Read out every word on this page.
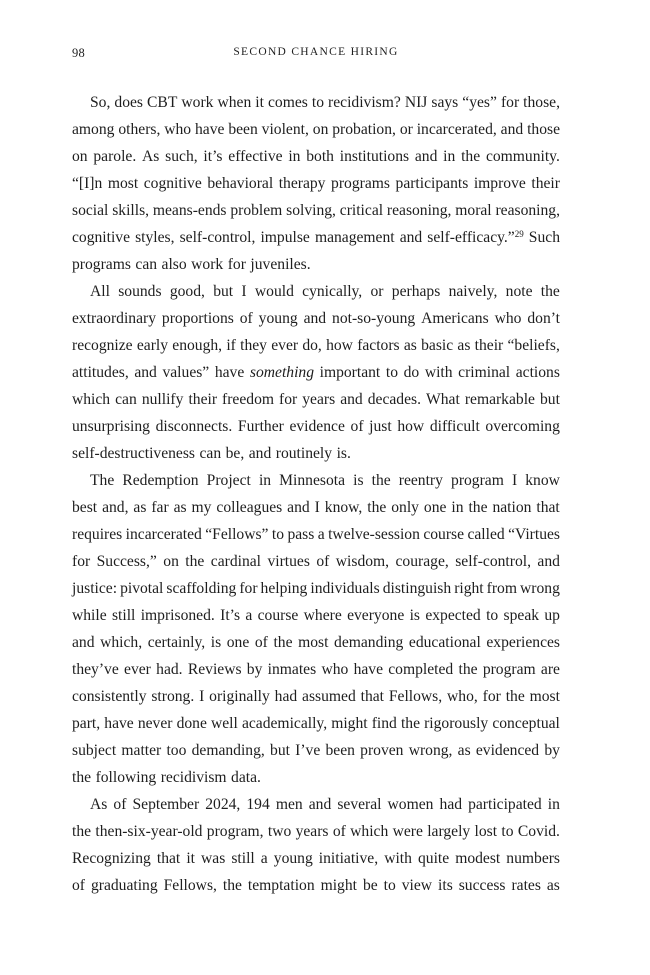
98	SECOND CHANCE HIRING
So, does CBT work when it comes to recidivism? NIJ says “yes” for those,
among others, who have been violent, on probation, or incarcerated, and those
on parole. As such, it’s effective in both institutions and in the community.
“[I]n most cognitive behavioral therapy programs participants improve their
social skills, means-ends problem solving, critical reasoning, moral reasoning,
cognitive styles, self-control, impulse management and self-efficacy.”$^{29}$ Such
programs can also work for juveniles.
All sounds good, but I would cynically, or perhaps naively, note the
extraordinary proportions of young and not-so-young Americans who don’t
recognize early enough, if they ever do, how factors as basic as their “beliefs,
attitudes, and values” have something important to do with criminal actions
which can nullify their freedom for years and decades. What remarkable but
unsurprising disconnects. Further evidence of just how difficult overcoming
self-destructiveness can be, and routinely is.
The Redemption Project in Minnesota is the reentry program I know
best and, as far as my colleagues and I know, the only one in the nation that
requires incarcerated “Fellows” to pass a twelve-session course called “Virtues
for Success,” on the cardinal virtues of wisdom, courage, self-control, and
justice: pivotal scaffolding for helping individuals distinguish right from wrong
while still imprisoned. It’s a course where everyone is expected to speak up
and which, certainly, is one of the most demanding educational experiences
they’ve ever had. Reviews by inmates who have completed the program are
consistently strong. I originally had assumed that Fellows, who, for the most
part, have never done well academically, might find the rigorously conceptual
subject matter too demanding, but I’ve been proven wrong, as evidenced by
the following recidivism data.
As of September 2024, 194 men and several women had participated in
the then-six-year-old program, two years of which were largely lost to Covid.
Recognizing that it was still a young initiative, with quite modest numbers
of graduating Fellows, the temptation might be to view its success rates as
